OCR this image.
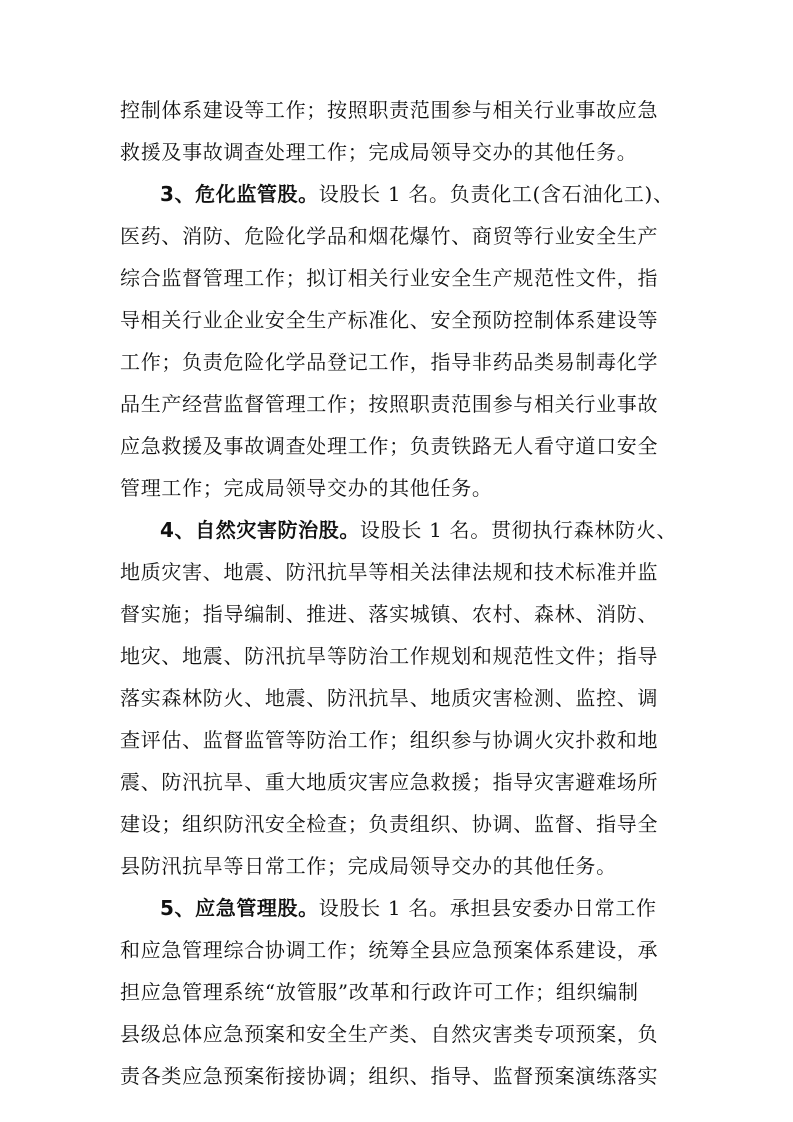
控制体系建设等工作；按照职责范围参与相关行业事故应急
救援及事故调查处理工作；完成局领导交办的其他任务。
3、危化监管股。设股长 1 名。负责化工(含石油化工)、
医药、消防、危险化学品和烟花爆竹、商贸等行业安全生产
综合监督管理工作；拟订相关行业安全生产规范性文件，指
导相关行业企业安全生产标准化、安全预防控制体系建设等
工作；负责危险化学品登记工作，指导非药品类易制毒化学
品生产经营监督管理工作；按照职责范围参与相关行业事故
应急救援及事故调查处理工作；负责铁路无人看守道口安全
管理工作；完成局领导交办的其他任务。
4、自然灾害防治股。设股长 1 名。贯彻执行森林防火、
地质灾害、地震、防汛抗旱等相关法律法规和技术标准并监
督实施；指导编制、推进、落实城镇、农村、森林、消防、
地灾、地震、防汛抗旱等防治工作规划和规范性文件；指导
落实森林防火、地震、防汛抗旱、地质灾害检测、监控、调
查评估、监督监管等防治工作；组织参与协调火灾扑救和地
震、防汛抗旱、重大地质灾害应急救援；指导灾害避难场所
建设；组织防汛安全检查；负责组织、协调、监督、指导全
县防汛抗旱等日常工作；完成局领导交办的其他任务。
5、应急管理股。设股长 1 名。承担县安委办日常工作
和应急管理综合协调工作；统筹全县应急预案体系建设，承
担应急管理系统“放管服”改革和行政许可工作；组织编制
县级总体应急预案和安全生产类、自然灾害类专项预案，负
责各类应急预案衔接协调；组织、指导、监督预案演练落实
